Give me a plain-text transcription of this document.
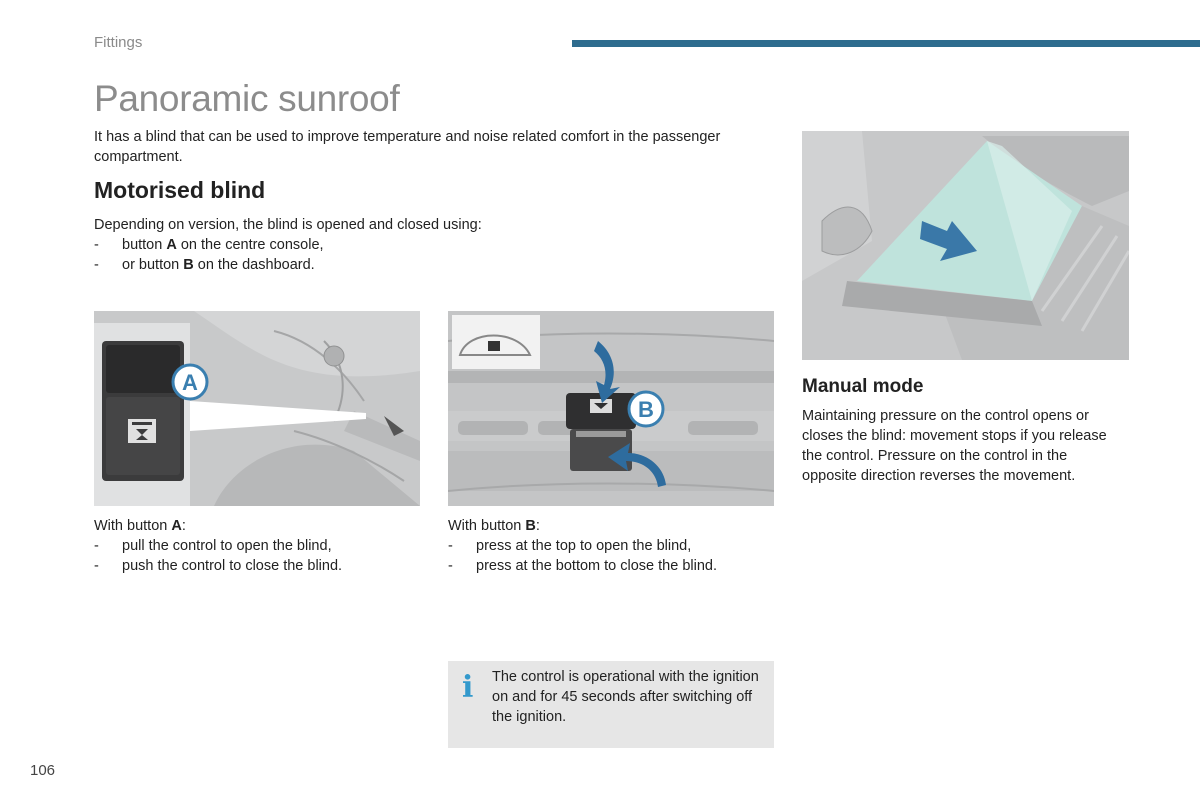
Fittings
Panoramic sunroof

It has a blind that can be used to improve temperature and noise related comfort in the passenger compartment.

Motorised blind

Depending on version, the blind is opened and closed using:

- button A on the centre console,
- or button B on the dashboard.
A
B

With button A:

- pull the control to open the blind,
- push the control to close the blind.

With button B:

- press at the top to open the blind,
- press at the bottom to close the blind.
Manual mode

Maintaining pressure on the control opens or closes the blind: movement stops if you release the control. Pressure on the control in the opposite direction reverses the movement.

i The control is operational with the ignition on and for 45 seconds after switching off the ignition.
106
